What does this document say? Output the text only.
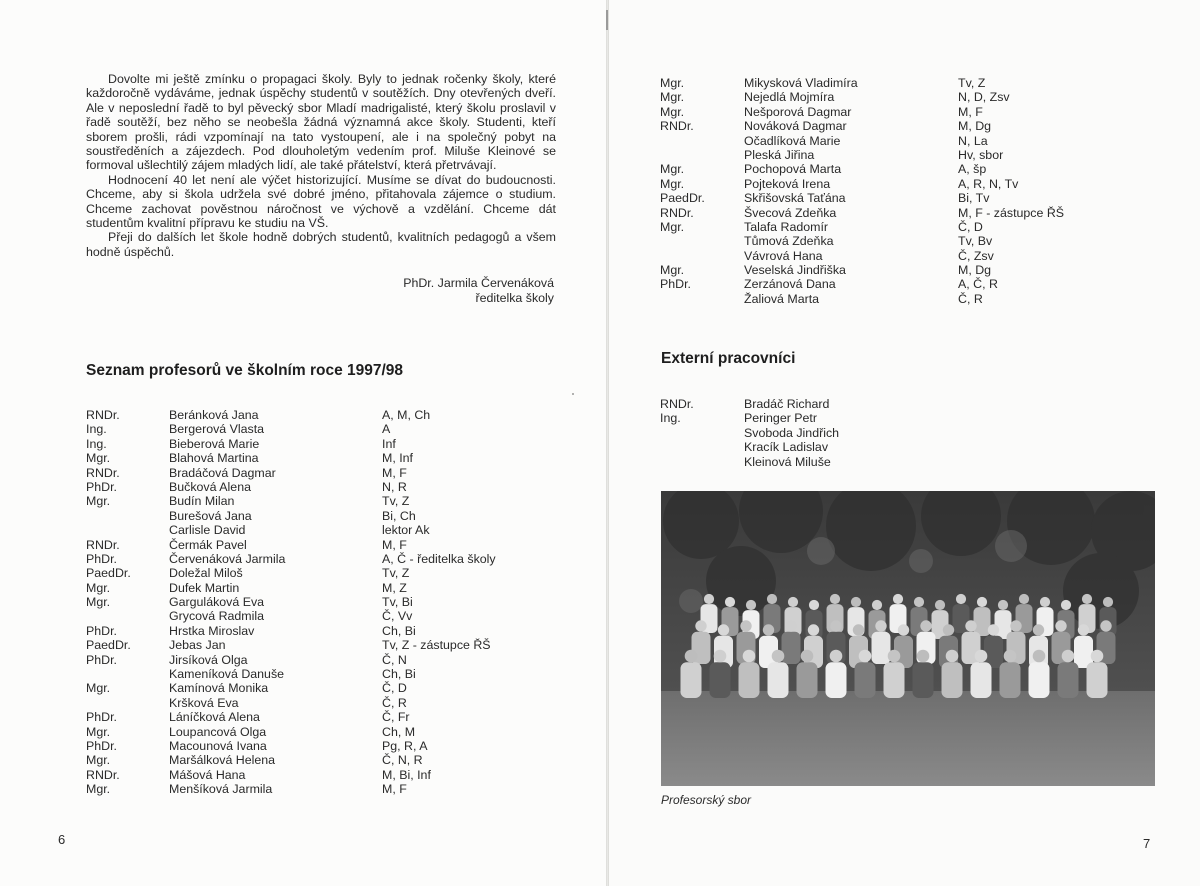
Dovolte mi ještě zmínku o propagaci školy. Byly to jednak ročenky školy, které každoročně vydáváme, jednak úspěchy studentů v soutěžích. Dny otevřených dveří. Ale v neposlední řadě to byl pěvecký sbor Mladí madrigalisté, který školu proslavil v řadě soutěží, bez něho se neobešla žádná významná akce školy. Studenti, kteří sborem prošli, rádi vzpomínají na tato vystoupení, ale i na společný pobyt na soustředěních a zájezdech. Pod dlouholetým vedením prof. Miluše Kleinové se formoval ušlechtilý zájem mladých lidí, ale také přátelství, která přetrvávají.

Hodnocení 40 let není ale výčet historizující. Musíme se dívat do budoucnosti. Chceme, aby si škola udržela své dobré jméno, přitahovala zájemce o studium. Chceme zachovat pověstnou náročnost ve výchově a vzdělání. Chceme dát studentům kvalitní přípravu ke studiu na VŠ.

Přeji do dalších let škole hodně dobrých studentů, kvalitních pedagogů a všem hodně úspěchů.

PhDr. Jarmila Červenáková
ředitelka školy
Seznam profesorů ve školním roce 1997/98
RNDr.	Beránková Jana	A, M, Ch
Ing.	Bergerová Vlasta	A
Ing.	Bieberová Marie	Inf
Mgr.	Blahová Martina	M, Inf
RNDr.	Bradáčová Dagmar	M, F
PhDr.	Bučková Alena	N, R
Mgr.	Budín Milan	Tv, Z
Burešová Jana	Bi, Ch
Carlisle David	lektor Ak
RNDr.	Čermák Pavel	M, F
PhDr.	Červenáková Jarmila	A, Č - ředitelka školy
PaedDr.	Doležal Miloš	Tv, Z
Mgr.	Dufek Martin	M, Z
Mgr.	Garguláková Eva	Tv, Bi
Grycová Radmila	Č, Vv
PhDr.	Hrstka Miroslav	Ch, Bi
PaedDr.	Jebas Jan	Tv, Z - zástupce ŘŠ
PhDr.	Jirsíková Olga	Č, N
Kameníková Danuše	Ch, Bi
Mgr.	Kamínová Monika	Č, D
Kršková Eva	Č, R
PhDr.	Láníčková Alena	Č, Fr
Mgr.	Loupancová Olga	Ch, M
PhDr.	Macounová Ivana	Pg, R, A
Mgr.	Maršálková Helena	Č, N, R
RNDr.	Mášová Hana	M, Bi, Inf
Mgr.	Menšíková Jarmila	M, F
6
Mgr.	Mikysková Vladimíra	Tv, Z
Mgr.	Nejedlá Mojmíra	N, D, Zsv
Mgr.	Nešporová Dagmar	M, F
RNDr.	Nováková Dagmar	M, Dg
Očadlíková Marie	N, La
Pleská Jiřina	Hv, sbor
Mgr.	Pochopová Marta	A, šp
Mgr.	Pojteková Irena	A, R, N, Tv
PaedDr.	Skřišovská Taťána	Bi, Tv
RNDr.	Švecová Zdeňka	M, F - zástupce ŘŠ
Mgr.	Talafa Radomír	Č, D
Tůmová Zdeňka	Tv, Bv
Vávrová Hana	Č, Zsv
Mgr.	Veselská Jindřiška	M, Dg
PhDr.	Zerzánová Dana	A, Č, R
Žaliová Marta	Č, R
Externí pracovníci
RNDr.	Bradáč Richard
Ing.	Peringer Petr
Svoboda Jindřich
Kracík Ladislav
Kleinová Miluše
Profesorský sbor
7
